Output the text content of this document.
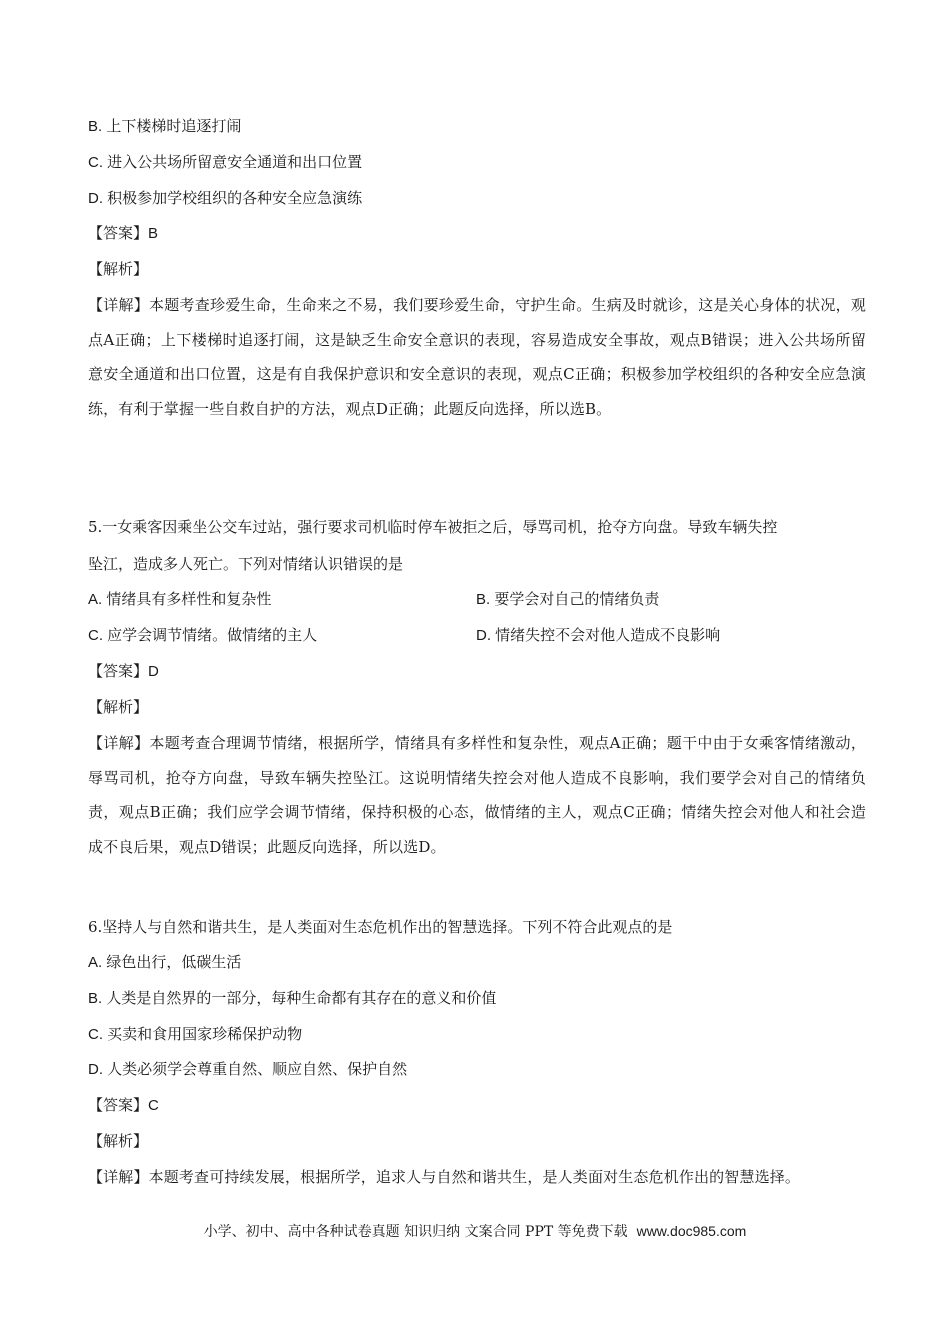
B. 上下楼梯时追逐打闹

C. 进入公共场所留意安全通道和出口位置

D. 积极参加学校组织的各种安全应急演练

【答案】B

【解析】

【详解】本题考查珍爱生命，生命来之不易，我们要珍爱生命，守护生命。生病及时就诊，这是关心身体的状况，观点A正确；上下楼梯时追逐打闹，这是缺乏生命安全意识的表现，容易造成安全事故，观点B错误；进入公共场所留意安全通道和出口位置，这是有自我保护意识和安全意识的表现，观点C正确；积极参加学校组织的各种安全应急演练，有利于掌握一些自救自护的方法，观点D正确；此题反向选择，所以选B。

5.一女乘客因乘坐公交车过站，强行要求司机临时停车被拒之后，辱骂司机，抢夺方向盘。导致车辆失控

坠江，造成多人死亡。下列对情绪认识错误的是

A. 情绪具有多样性和复杂性	B. 要学会对自己的情绪负责

C. 应学会调节情绪。做情绪的主人	D. 情绪失控不会对他人造成不良影响

【答案】D

【解析】

【详解】本题考查合理调节情绪，根据所学，情绪具有多样性和复杂性，观点A正确；题干中由于女乘客情绪激动，辱骂司机，抢夺方向盘，导致车辆失控坠江。这说明情绪失控会对他人造成不良影响，我们要学会对自己的情绪负责，观点B正确；我们应学会调节情绪，保持积极的心态，做情绪的主人，观点C正确；情绪失控会对他人和社会造成不良后果，观点D错误；此题反向选择，所以选D。

6.坚持人与自然和谐共生，是人类面对生态危机作出的智慧选择。下列不符合此观点的是

A. 绿色出行，低碳生活

B. 人类是自然界的一部分，每种生命都有其存在的意义和价值

C. 买卖和食用国家珍稀保护动物

D. 人类必须学会尊重自然、顺应自然、保护自然

【答案】C

【解析】

【详解】本题考查可持续发展，根据所学，追求人与自然和谐共生，是人类面对生态危机作出的智慧选择。

小学、初中、高中各种试卷真题 知识归纳 文案合同 PPT 等免费下载 www.doc985.com
